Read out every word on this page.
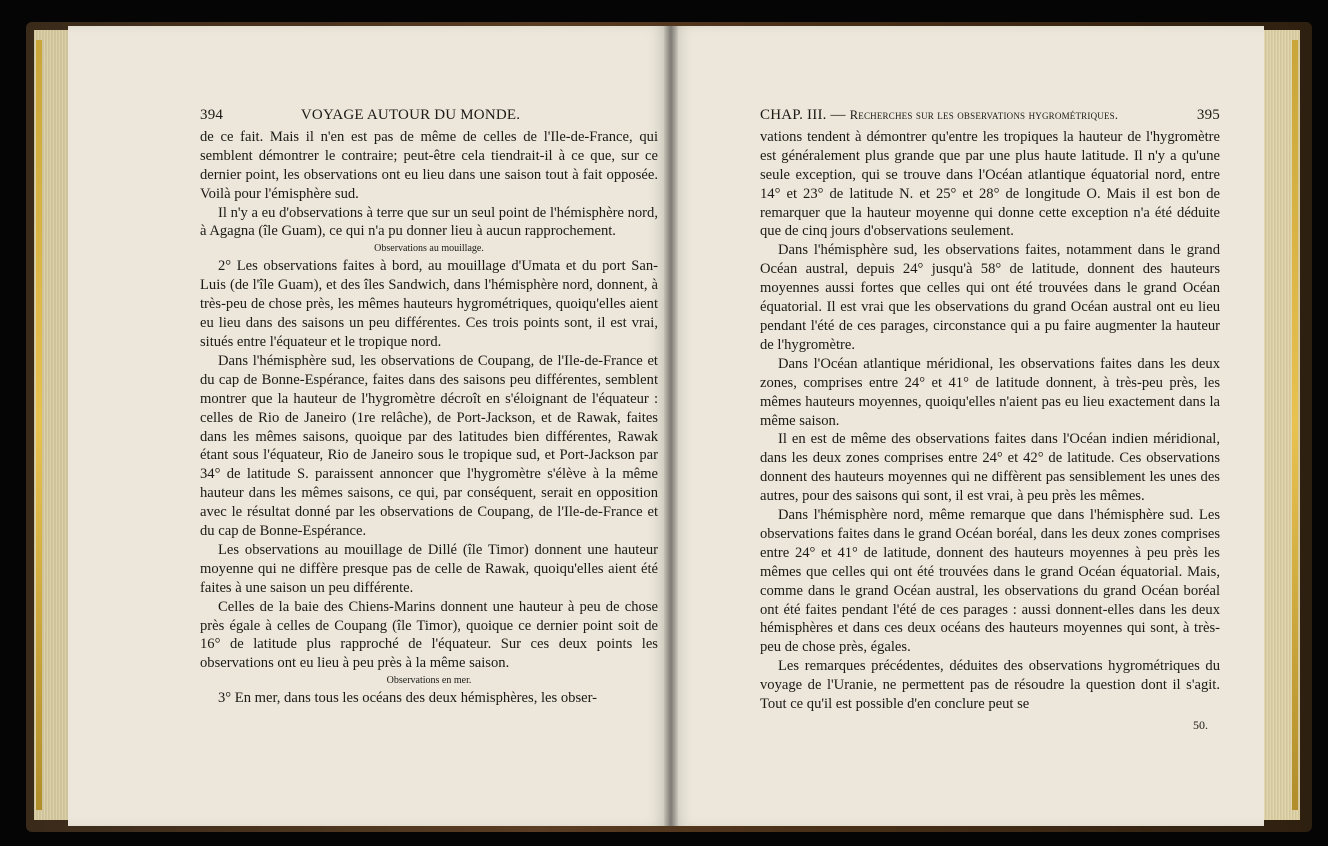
394	VOYAGE AUTOUR DU MONDE.

de ce fait. Mais il n'en est pas de même de celles de l'Ile-de-France, qui semblent démontrer le contraire; peut-être cela tiendrait-il à ce que, sur ce dernier point, les observations ont eu lieu dans une saison tout à fait opposée. Voilà pour l'émisphère sud.

Il n'y a eu d'observations à terre que sur un seul point de l'hémisphère nord, à Agagna (île Guam), ce qui n'a pu donner lieu à aucun rapprochement.

Observations au mouillage.

2° Les observations faites à bord, au mouillage d'Umata et du port San-Luis (de l'île Guam), et des îles Sandwich, dans l'hémisphère nord, donnent, à très-peu de chose près, les mêmes hauteurs hygrométriques, quoiqu'elles aient eu lieu dans des saisons un peu différentes. Ces trois points sont, il est vrai, situés entre l'équateur et le tropique nord.

Dans l'hémisphère sud, les observations de Coupang, de l'Ile-de-France et du cap de Bonne-Espérance, faites dans des saisons peu différentes, semblent montrer que la hauteur de l'hygromètre décroît en s'éloignant de l'équateur : celles de Rio de Janeiro (1re relâche), de Port-Jackson, et de Rawak, faites dans les mêmes saisons, quoique par des latitudes bien différentes, Rawak étant sous l'équateur, Rio de Janeiro sous le tropique sud, et Port-Jackson par 34° de latitude S. paraissent annoncer que l'hygromètre s'élève à la même hauteur dans les mêmes saisons, ce qui, par conséquent, serait en opposition avec le résultat donné par les observations de Coupang, de l'Ile-de-France et du cap de Bonne-Espérance.

Les observations au mouillage de Dillé (île Timor) donnent une hauteur moyenne qui ne diffère presque pas de celle de Rawak, quoiqu'elles aient été faites à une saison un peu différente.

Celles de la baie des Chiens-Marins donnent une hauteur à peu de chose près égale à celles de Coupang (île Timor), quoique ce dernier point soit de 16° de latitude plus rapproché de l'équateur. Sur ces deux points les observations ont eu lieu à peu près à la même saison.

Observations en mer.

3° En mer, dans tous les océans des deux hémisphères, les obser-

CHAP. III. — Recherches sur les observations hygrométriques.	395

vations tendent à démontrer qu'entre les tropiques la hauteur de l'hygromètre est généralement plus grande que par une plus haute latitude. Il n'y a qu'une seule exception, qui se trouve dans l'Océan atlantique équatorial nord, entre 14° et 23° de latitude N. et 25° et 28° de longitude O. Mais il est bon de remarquer que la hauteur moyenne qui donne cette exception n'a été déduite que de cinq jours d'observations seulement.

Dans l'hémisphère sud, les observations faites, notamment dans le grand Océan austral, depuis 24° jusqu'à 58° de latitude, donnent des hauteurs moyennes aussi fortes que celles qui ont été trouvées dans le grand Océan équatorial. Il est vrai que les observations du grand Océan austral ont eu lieu pendant l'été de ces parages, circonstance qui a pu faire augmenter la hauteur de l'hygromètre.

Dans l'Océan atlantique méridional, les observations faites dans les deux zones, comprises entre 24° et 41° de latitude donnent, à très-peu près, les mêmes hauteurs moyennes, quoiqu'elles n'aient pas eu lieu exactement dans la même saison.

Il en est de même des observations faites dans l'Océan indien méridional, dans les deux zones comprises entre 24° et 42° de latitude. Ces observations donnent des hauteurs moyennes qui ne diffèrent pas sensiblement les unes des autres, pour des saisons qui sont, il est vrai, à peu près les mêmes.

Dans l'hémisphère nord, même remarque que dans l'hémisphère sud. Les observations faites dans le grand Océan boréal, dans les deux zones comprises entre 24° et 41° de latitude, donnent des hauteurs moyennes à peu près les mêmes que celles qui ont été trouvées dans le grand Océan équatorial. Mais, comme dans le grand Océan austral, les observations du grand Océan boréal ont été faites pendant l'été de ces parages : aussi donnent-elles dans les deux hémisphères et dans ces deux océans des hauteurs moyennes qui sont, à très-peu de chose près, égales.

Les remarques précédentes, déduites des observations hygrométriques du voyage de l'Uranie, ne permettent pas de résoudre la question dont il s'agit. Tout ce qu'il est possible d'en conclure peut se

50.
